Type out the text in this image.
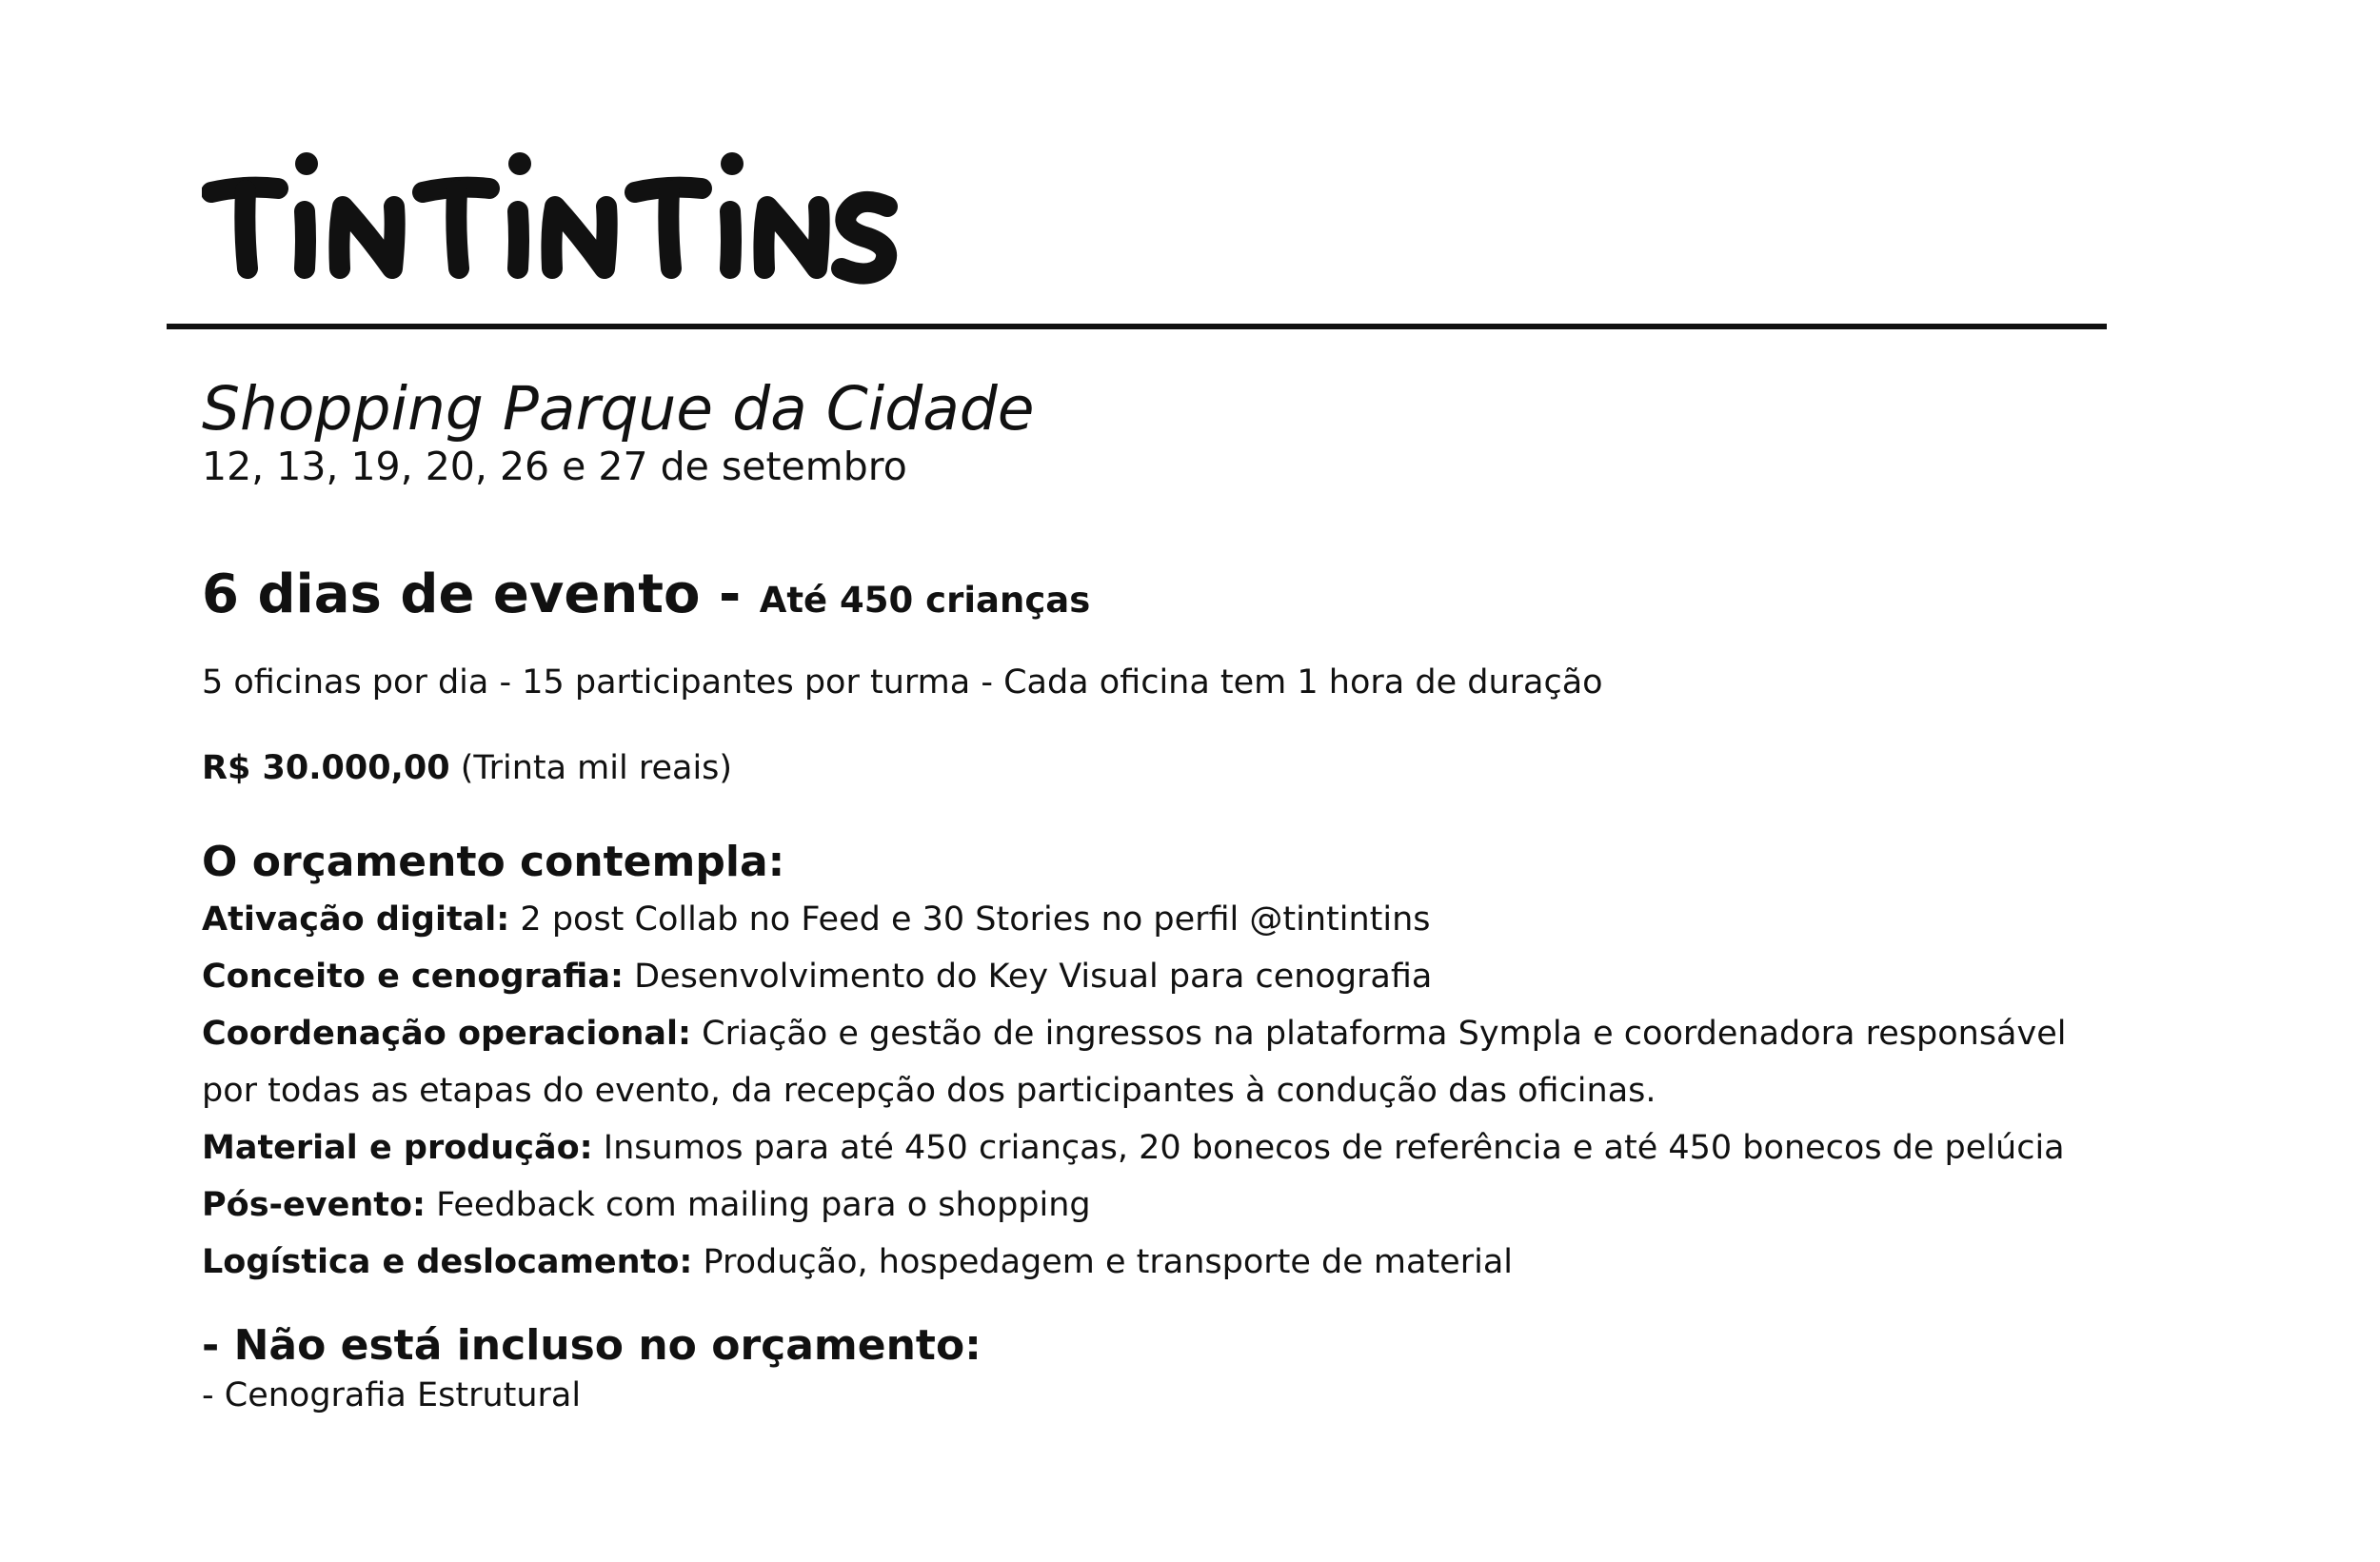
Shopping Parque da Cidade

12, 13, 19, 20, 26 e 27 de setembro

6 dias de evento - Até 450 crianças

5 oficinas por dia - 15 participantes por turma - Cada oficina tem 1 hora de duração

R$ 30.000,00 (Trinta mil reais)

O orçamento contempla:
Ativação digital: 2 post Collab no Feed e 30 Stories no perfil @tintintins
Conceito e cenografia: Desenvolvimento do Key Visual para cenografia
Coordenação operacional: Criação e gestão de ingressos na plataforma Sympla e coordenadora responsável por todas as etapas do evento, da recepção dos participantes à condução das oficinas.
Material e produção: Insumos para até 450 crianças, 20 bonecos de referência e até 450 bonecos de pelúcia
Pós-evento: Feedback com mailing para o shopping
Logística e deslocamento: Produção, hospedagem e transporte de material
- Não está incluso no orçamento:

- Cenografia Estrutural
